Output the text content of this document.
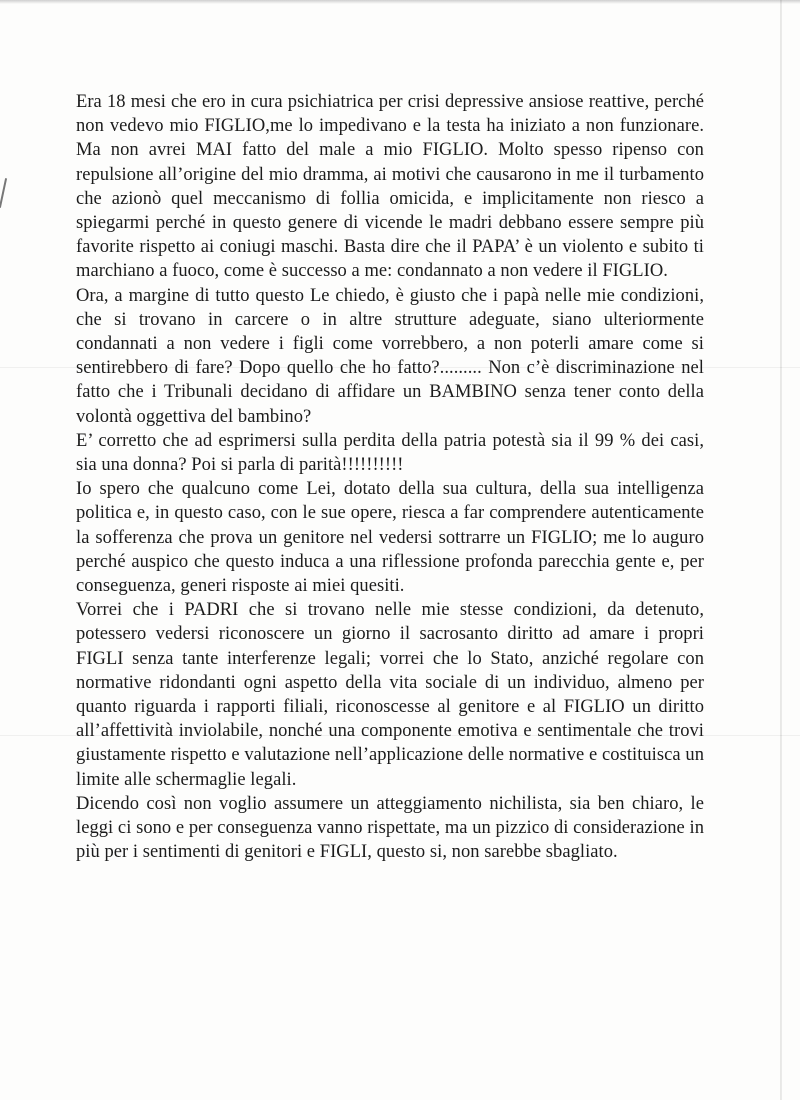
Era 18 mesi che ero in cura psichiatrica per crisi depressive ansiose reattive, perché non vedevo mio FIGLIO,me lo impedivano e la testa ha iniziato a non funzionare. Ma non avrei MAI fatto del male a mio FIGLIO. Molto spesso ripenso con repulsione all’origine del mio dramma, ai motivi che causarono in me il turbamento che azionò quel meccanismo di follia omicida, e implicitamente non riesco a spiegarmi perché in questo genere di vicende le madri debbano essere sempre più favorite rispetto ai coniugi maschi. Basta dire che il PAPA’ è un violento e subito ti marchiano a fuoco, come è successo a me: condannato a non vedere il FIGLIO.

Ora, a margine di tutto questo Le chiedo, è giusto che i papà nelle mie condizioni, che si trovano in carcere o in altre strutture adeguate, siano ulteriormente condannati a non vedere i figli come vorrebbero, a non poterli amare come si sentirebbero di fare? Dopo quello che ho fatto?......... Non c’è discriminazione nel fatto che i Tribunali decidano di affidare un BAMBINO senza tener conto della volontà oggettiva del bambino?

E’ corretto che ad esprimersi sulla perdita della patria potestà sia il 99 % dei casi, sia una donna? Poi si parla di parità!!!!!!!!!!

Io spero che qualcuno come Lei, dotato della sua cultura, della sua intelligenza politica e, in questo caso, con le sue opere, riesca a far comprendere autenticamente la sofferenza che prova un genitore nel vedersi sottrarre un FIGLIO; me lo auguro perché auspico che questo induca a una riflessione profonda parecchia gente e, per conseguenza, generi risposte ai miei quesiti.

Vorrei che i PADRI che si trovano nelle mie stesse condizioni, da detenuto, potessero vedersi riconoscere un giorno il sacrosanto diritto ad amare i propri FIGLI senza tante interferenze legali; vorrei che lo Stato, anziché regolare con normative ridondanti ogni aspetto della vita sociale di un individuo, almeno per quanto riguarda i rapporti filiali, riconoscesse al genitore e al FIGLIO un diritto all’affettività inviolabile, nonché una componente emotiva e sentimentale che trovi giustamente rispetto e valutazione nell’applicazione delle normative e costituisca un limite alle schermaglie legali.

Dicendo così non voglio assumere un atteggiamento nichilista, sia ben chiaro, le leggi ci sono e per conseguenza vanno rispettate, ma un pizzico di considerazione in più per i sentimenti di genitori e FIGLI, questo si, non sarebbe sbagliato.
